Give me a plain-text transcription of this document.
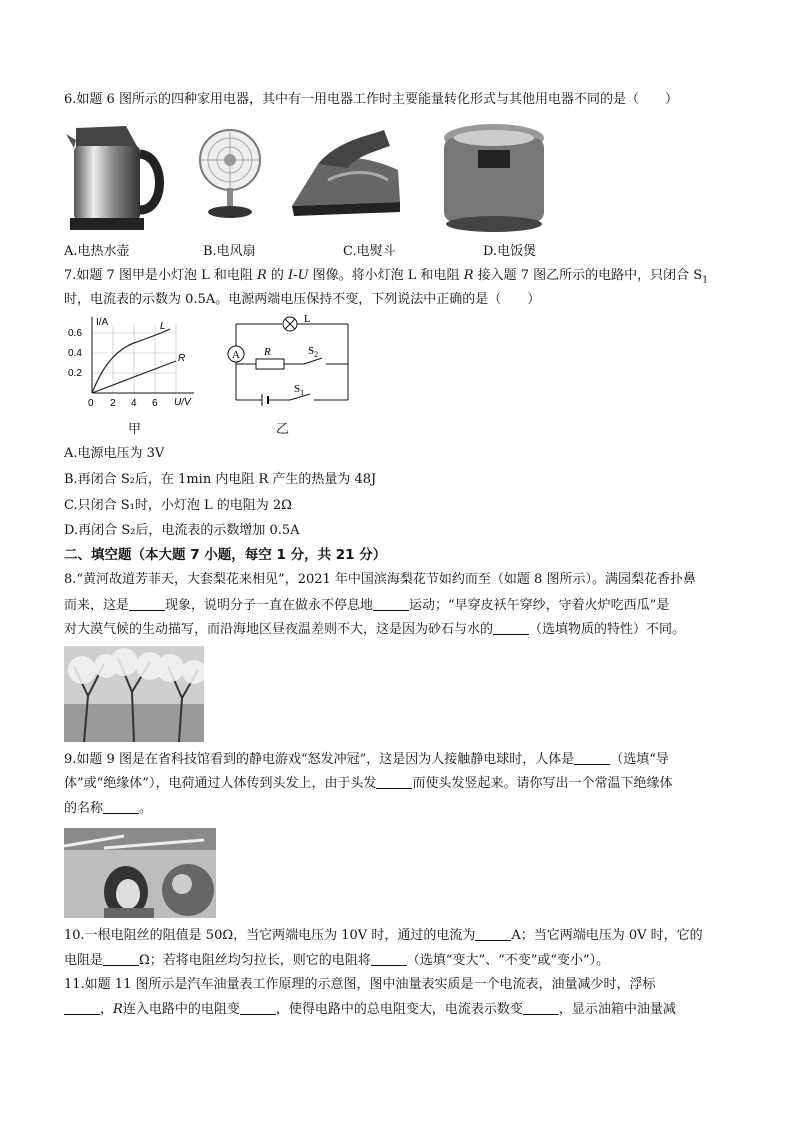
6.如题 6 图所示的四种家用电器，其中有一用电器工作时主要能量转化形式与其他用电器不同的是（　　）
A.电热水壶	B.电风扇	C.电熨斗	D.电饭煲
7.如题 7 图甲是小灯泡 L 和电阻 R 的 I-U 图像。将小灯泡 L 和电阻 R 接入题 7 图乙所示的电路中，只闭合 $S_1$
时，电流表的示数为 0.5A。电源两端电压保持不变，下列说法中正确的是（　　）
I/A
U/V
0.6
0.4
0.2
0 2 4 6
L
R
甲
A
L
R	$S_2$
$S_1$
乙
A.电源电压为 3V
B.再闭合 S₂后，在 1min 内电阻 R 产生的热量为 48J
C.只闭合 S₁时，小灯泡 L 的电阻为 2Ω
D.再闭合 S₂后，电流表的示数增加 0.5A
二、填空题（本大题 7 小题，每空 1 分，共 21 分）
8.“黄河故道芳菲天，大套梨花来相见”，2021 年中国滨海梨花节如约而至（如题 8 图所示）。满园梨花香扑鼻
而来，这是	现象，说明分子一直在做永不停息地	运动；“早穿皮袄午穿纱，守着火炉吃西瓜”是
对大漠气候的生动描写，而沿海地区昼夜温差则不大，这是因为砂石与水的	（选填物质的特性）不同。
9.如题 9 图是在省科技馆看到的静电游戏“怒发冲冠”，这是因为人接触静电球时，人体是	（选填“导
体”或“绝缘体”），电荷通过人体传到头发上，由于头发	而使头发竖起来。请你写出一个常温下绝缘体
的名称	。
10.一根电阻丝的阻值是 50Ω，当它两端电压为 10V 时，通过的电流为	A；当它两端电压为 0V 时，它的
电阻是	Ω；若将电阻丝均匀拉长，则它的电阻将	（选填“变大”、“不变”或“变小”）。
11.如题 11 图所示是汽车油量表工作原理的示意图，图中油量表实质是一个电流表，油量减少时，浮标
，R连入电路中的电阻变	，使得电路中的总电阻变大，电流表示数变	，显示油箱中油量减
